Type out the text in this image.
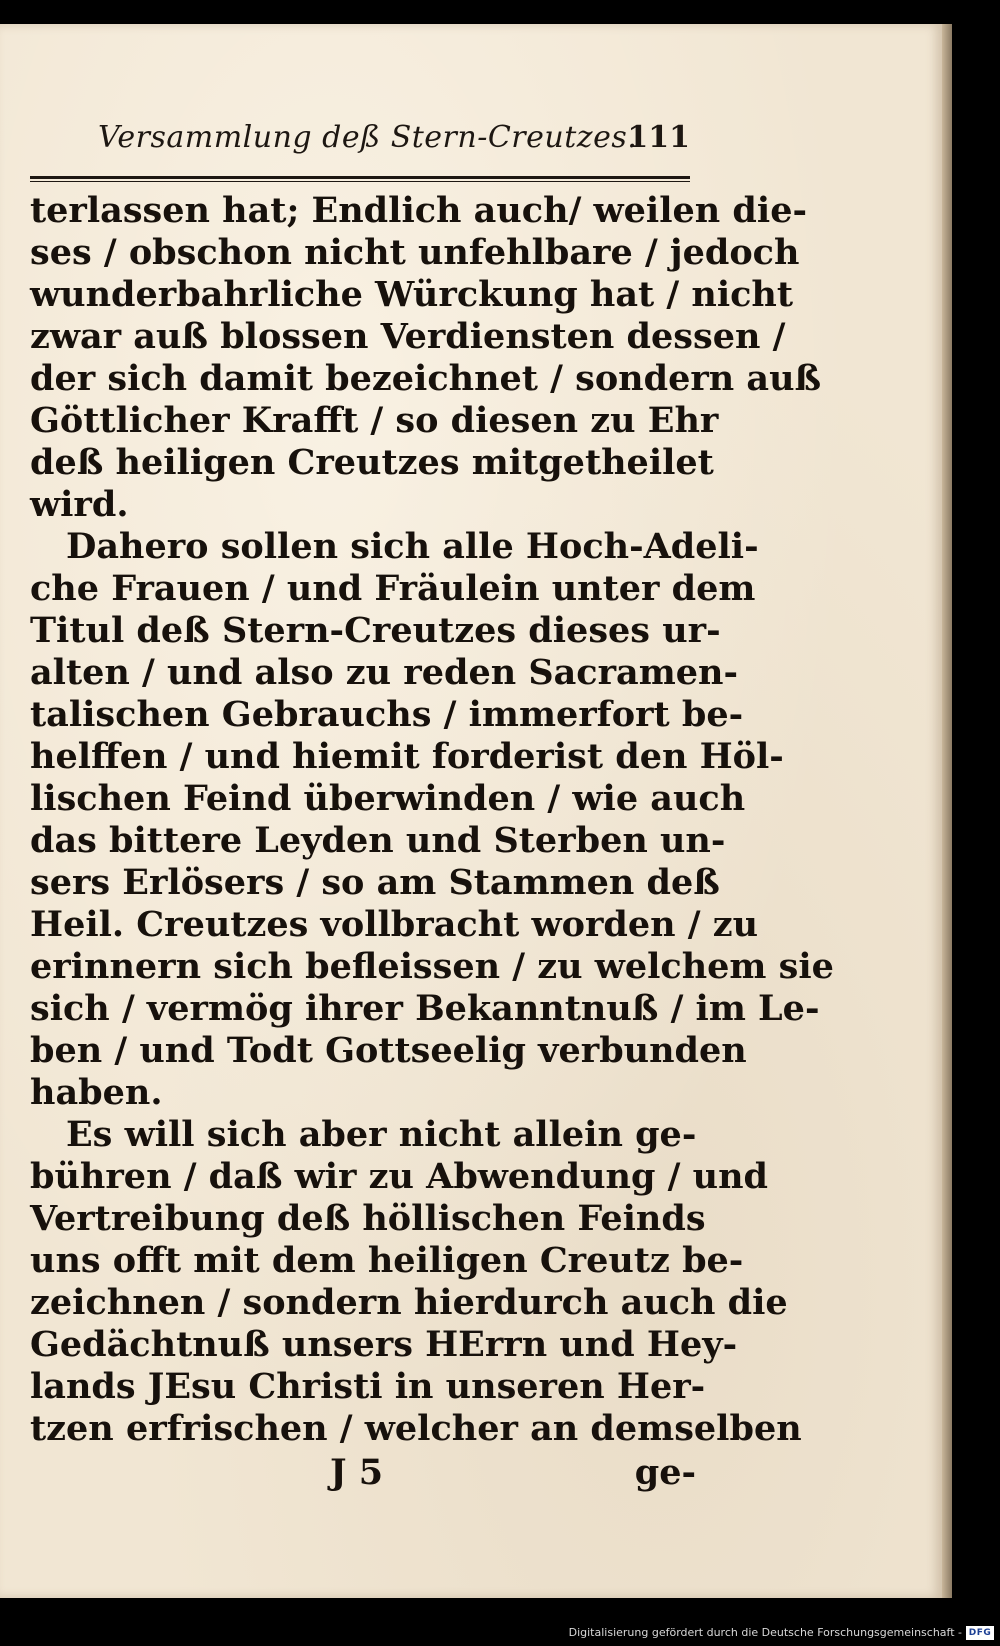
Versammlung deß Stern-Creutzes.
111
terlassen hat; Endlich auch/ weilen die-
ses / obschon nicht unfehlbare / jedoch
wunderbahrliche Würckung hat / nicht
zwar auß blossen Verdiensten dessen /
der sich damit bezeichnet / sondern auß
Göttlicher Krafft / so diesen zu Ehr
deß heiligen Creutzes mitgetheilet
wird.
Dahero sollen sich alle Hoch-Adeli-
che Frauen / und Fräulein unter dem
Titul deß Stern-Creutzes dieses ur-
alten / und also zu reden Sacramen-
talischen Gebrauchs / immerfort be-
helffen / und hiemit forderist den Höl-
lischen Feind überwinden / wie auch
das bittere Leyden und Sterben un-
sers Erlösers / so am Stammen deß
Heil. Creutzes vollbracht worden / zu
erinnern sich befleissen / zu welchem sie
sich / vermög ihrer Bekanntnuß / im Le-
ben / und Todt Gottseelig verbunden
haben.
Es will sich aber nicht allein ge-
bühren / daß wir zu Abwendung / und
Vertreibung deß höllischen Feinds
uns offt mit dem heiligen Creutz be-
zeichnen / sondern hierdurch auch die
Gedächtnuß unsers HErrn und Hey-
lands JEsu Christi in unseren Her-
tzen erfrischen / welcher an demselben
J 5	ge-
Digitalisierung gefördert durch die Deutsche Forschungsgemeinschaft - DFG
